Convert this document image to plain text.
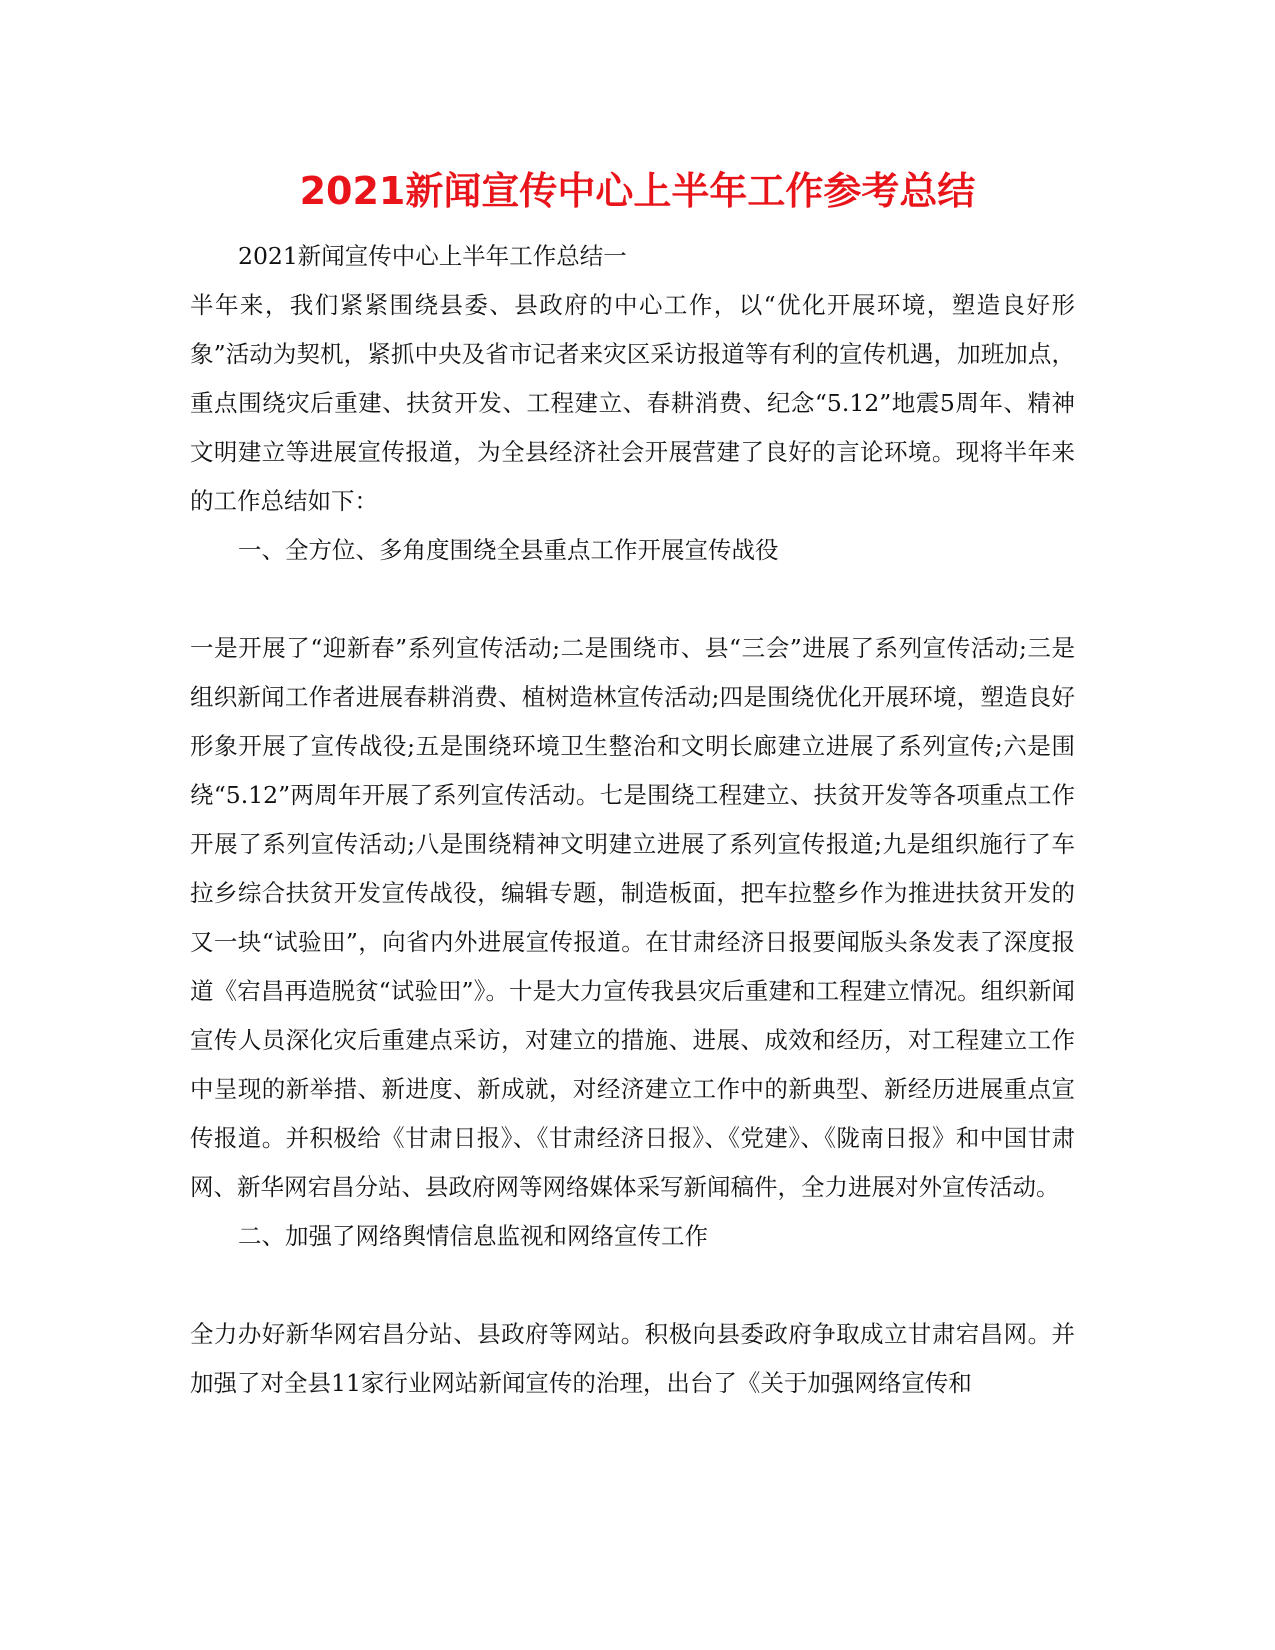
2021新闻宣传中心上半年工作参考总结

2021新闻宣传中心上半年工作总结一

半年来，我们紧紧围绕县委、县政府的中心工作，以“优化开展环境，塑造良好形象”活动为契机，紧抓中央及省市记者来灾区采访报道等有利的宣传机遇，加班加点，重点围绕灾后重建、扶贫开发、工程建立、春耕消费、纪念“5.12”地震5周年、精神文明建立等进展宣传报道，为全县经济社会开展营建了良好的言论环境。现将半年来的工作总结如下：

一、全方位、多角度围绕全县重点工作开展宣传战役

一是开展了“迎新春”系列宣传活动;二是围绕市、县“三会”进展了系列宣传活动;三是组织新闻工作者进展春耕消费、植树造林宣传活动;四是围绕优化开展环境，塑造良好形象开展了宣传战役;五是围绕环境卫生整治和文明长廊建立进展了系列宣传;六是围绕“5.12”两周年开展了系列宣传活动。七是围绕工程建立、扶贫开发等各项重点工作开展了系列宣传活动;八是围绕精神文明建立进展了系列宣传报道;九是组织施行了车拉乡综合扶贫开发宣传战役，编辑专题，制造板面，把车拉整乡作为推进扶贫开发的又一块“试验田”，向省内外进展宣传报道。在甘肃经济日报要闻版头条发表了深度报道《宕昌再造脱贫“试验田”》。十是大力宣传我县灾后重建和工程建立情况。组织新闻宣传人员深化灾后重建点采访，对建立的措施、进展、成效和经历，对工程建立工作中呈现的新举措、新进度、新成就，对经济建立工作中的新典型、新经历进展重点宣传报道。并积极给《甘肃日报》、《甘肃经济日报》、《党建》、《陇南日报》和中国甘肃网、新华网宕昌分站、县政府网等网络媒体采写新闻稿件，全力进展对外宣传活动。

二、加强了网络舆情信息监视和网络宣传工作

全力办好新华网宕昌分站、县政府等网站。积极向县委政府争取成立甘肃宕昌网。并加强了对全县11家行业网站新闻宣传的治理，出台了《关于加强网络宣传和
